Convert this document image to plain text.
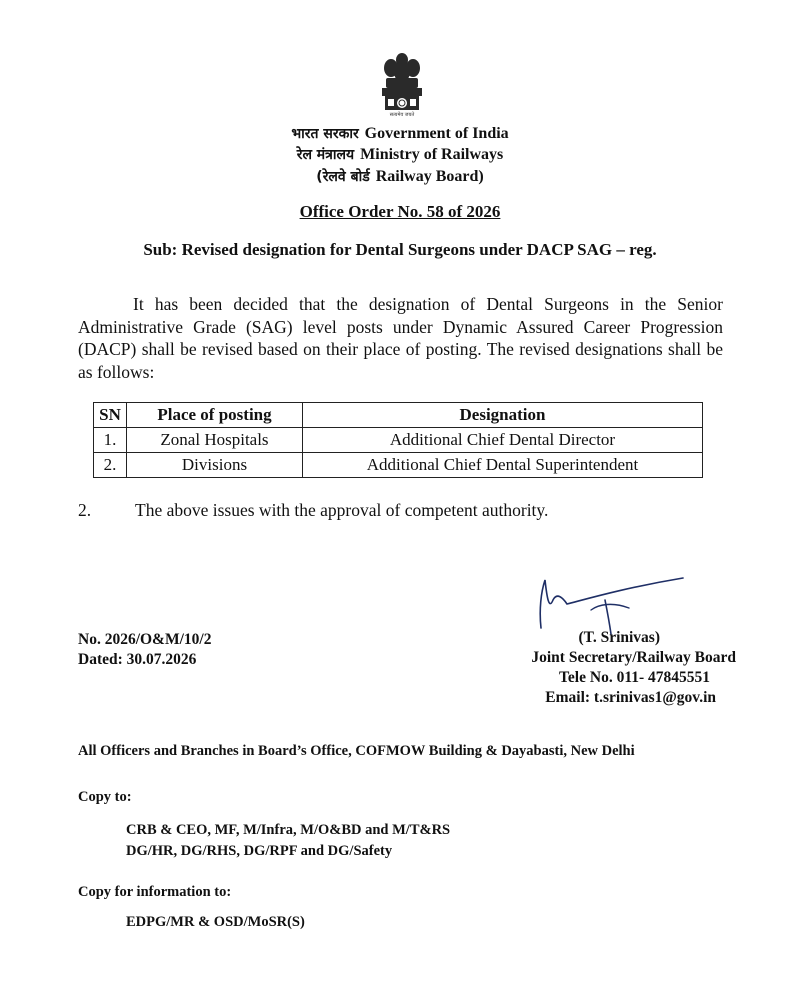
सत्यमेव जयते
भारत सरकार Government of India
रेल मंत्रालय Ministry of Railways
(रेलवे बोर्ड Railway Board)
Office Order No. 58 of 2026
Sub: Revised designation for Dental Surgeons under DACP SAG – reg.
It has been decided that the designation of Dental Surgeons in the Senior Administrative Grade (SAG) level posts under Dynamic Assured Career Progression (DACP) shall be revised based on their place of posting. The revised designations shall be as follows:
SN	Place of posting	Designation
1.	Zonal Hospitals	Additional Chief Dental Director
2.	Divisions	Additional Chief Dental Superintendent
2.	The above issues with the approval of competent authority.
No. 2026/O&M/10/2
Dated: 30.07.2026
(T. Srinivas)
Joint Secretary/Railway Board
Tele No. 011- 47845551
Email: t.srinivas1@gov.in
All Officers and Branches in Board’s Office, COFMOW Building & Dayabasti, New Delhi
Copy to:
CRB & CEO, MF, M/Infra, M/O&BD and M/T&RS
DG/HR, DG/RHS, DG/RPF and DG/Safety
Copy for information to:
EDPG/MR & OSD/MoSR(S)
